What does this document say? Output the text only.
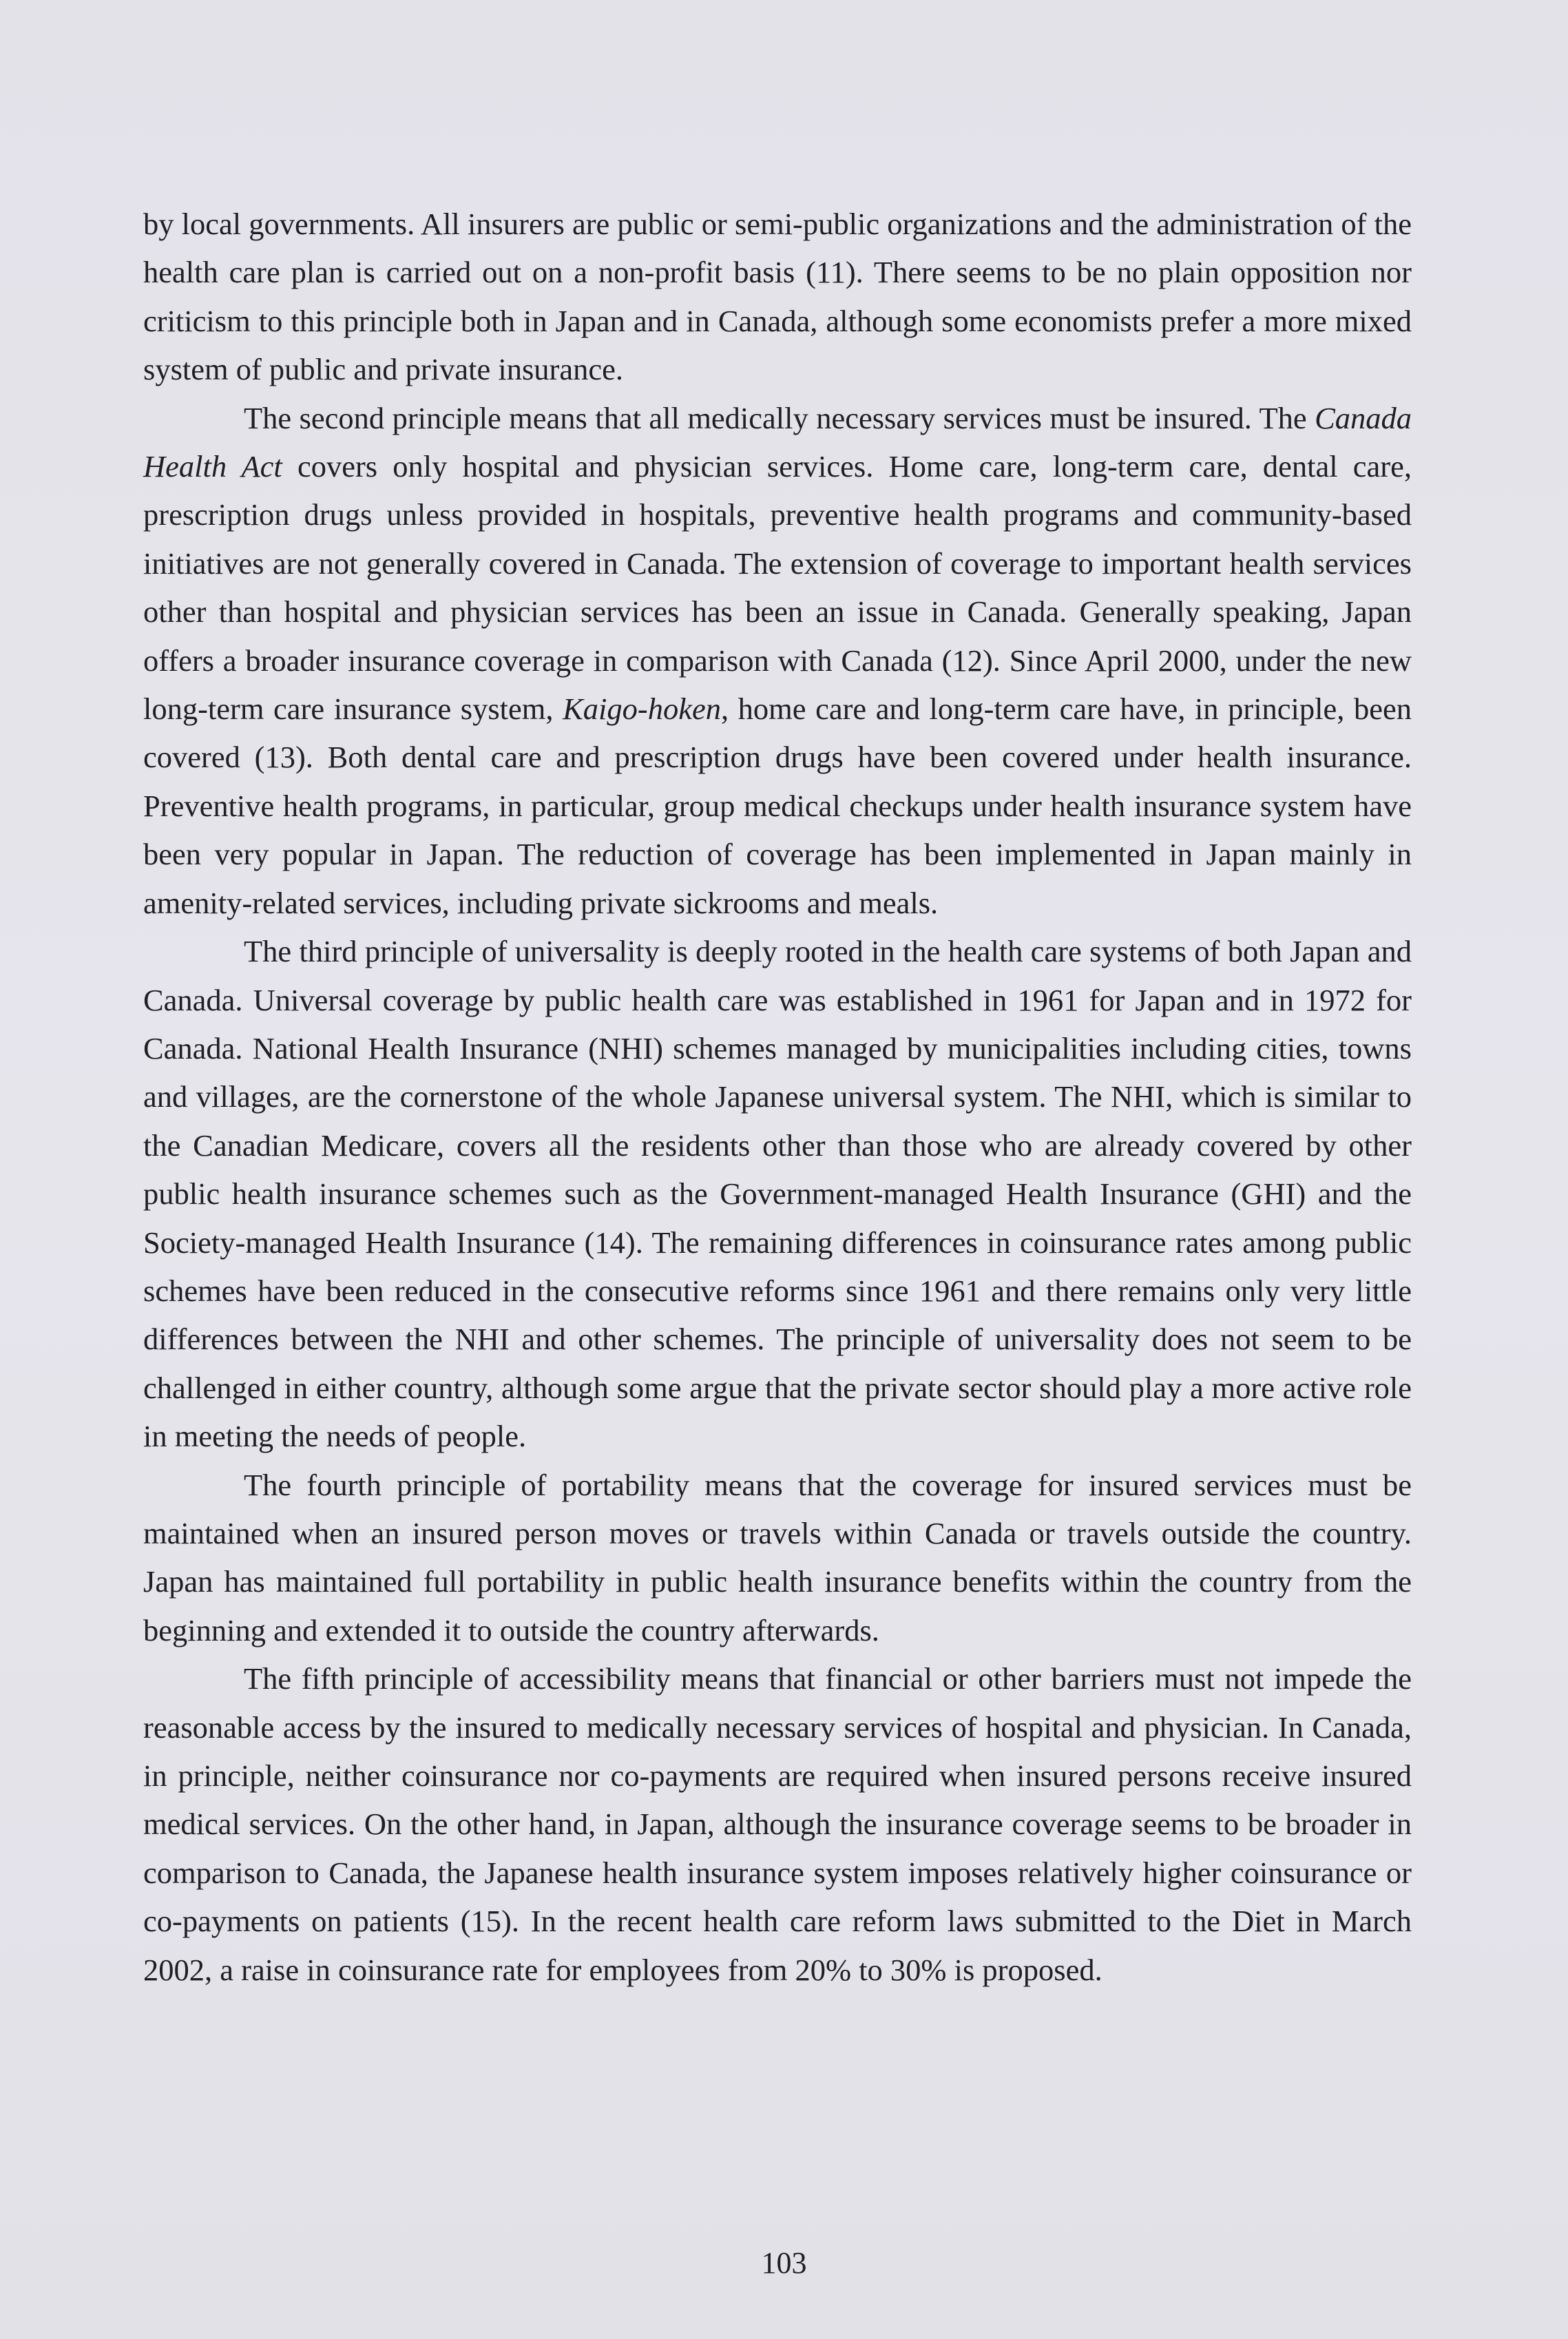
by local governments. All insurers are public or semi-public organizations and the administration of the health care plan is carried out on a non-profit basis (11). There seems to be no plain opposition nor criticism to this principle both in Japan and in Canada, although some economists prefer a more mixed system of public and private insurance.

The second principle means that all medically necessary services must be insured. The Canada Health Act covers only hospital and physician services. Home care, long-term care, dental care, prescription drugs unless provided in hospitals, preventive health programs and community-based initiatives are not generally covered in Canada. The extension of coverage to important health services other than hospital and physician services has been an issue in Canada. Generally speaking, Japan offers a broader insurance coverage in comparison with Canada (12). Since April 2000, under the new long-term care insurance system, Kaigo-hoken, home care and long-term care have, in principle, been covered (13). Both dental care and prescription drugs have been covered under health insurance. Preventive health programs, in particular, group medical checkups under health insurance system have been very popular in Japan. The reduction of coverage has been implemented in Japan mainly in amenity-related services, including private sickrooms and meals.

The third principle of universality is deeply rooted in the health care systems of both Japan and Canada. Universal coverage by public health care was established in 1961 for Japan and in 1972 for Canada. National Health Insurance (NHI) schemes managed by municipalities including cities, towns and villages, are the cornerstone of the whole Japanese universal system. The NHI, which is similar to the Canadian Medicare, covers all the residents other than those who are already covered by other public health insurance schemes such as the Government-managed Health Insurance (GHI) and the Society-managed Health Insurance (14). The remaining differences in coinsurance rates among public schemes have been reduced in the consecutive reforms since 1961 and there remains only very little differences between the NHI and other schemes. The principle of universality does not seem to be challenged in either country, although some argue that the private sector should play a more active role in meeting the needs of people.

The fourth principle of portability means that the coverage for insured services must be maintained when an insured person moves or travels within Canada or travels outside the country. Japan has maintained full portability in public health insurance benefits within the country from the beginning and extended it to outside the country afterwards.

The fifth principle of accessibility means that financial or other barriers must not impede the reasonable access by the insured to medically necessary services of hospital and physician. In Canada, in principle, neither coinsurance nor co-payments are required when insured persons receive insured medical services. On the other hand, in Japan, although the insurance coverage seems to be broader in comparison to Canada, the Japanese health insurance system imposes relatively higher coinsurance or co-payments on patients (15). In the recent health care reform laws submitted to the Diet in March 2002, a raise in coinsurance rate for employees from 20% to 30% is proposed.

103
